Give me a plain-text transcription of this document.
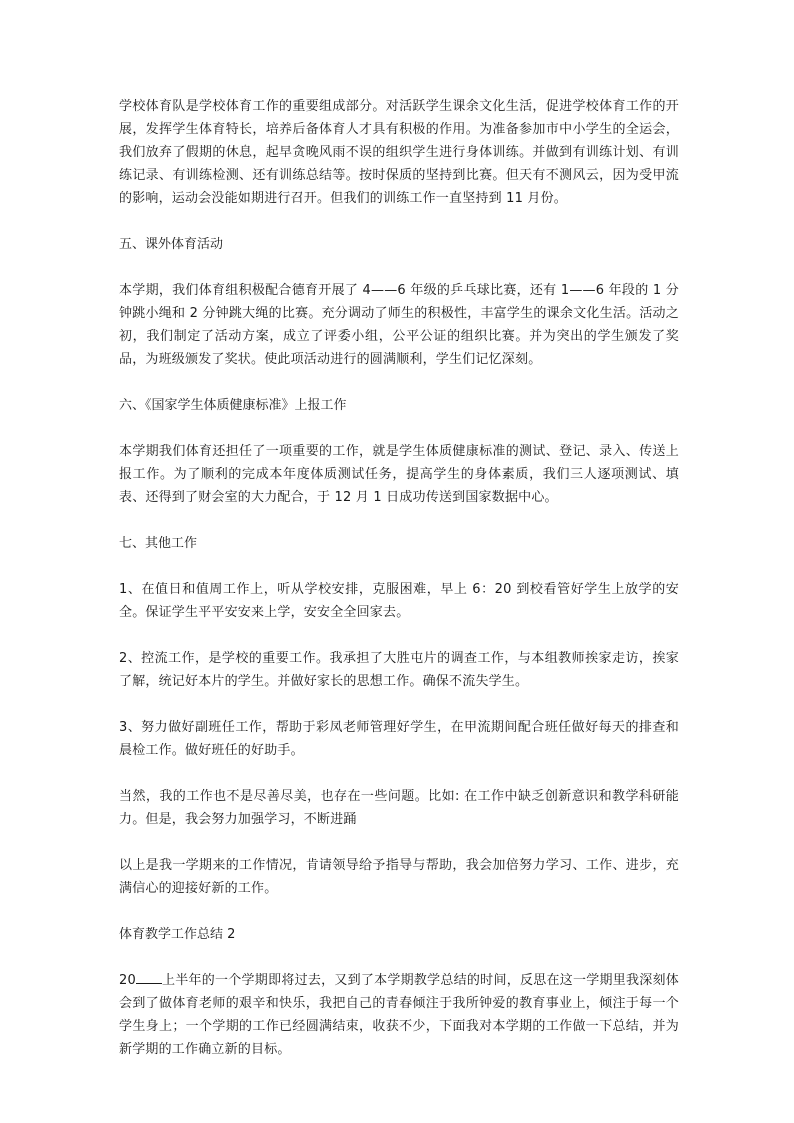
学校体育队是学校体育工作的重要组成部分。对活跃学生课余文化生活，促进学校体育工作的开展，发挥学生体育特长，培养后备体育人才具有积极的作用。为准备参加市中小学生的全运会，我们放弃了假期的休息，起早贪晚风雨不误的组织学生进行身体训练。并做到有训练计划、有训练记录、有训练检测、还有训练总结等。按时保质的坚持到比赛。但天有不测风云，因为受甲流的影响，运动会没能如期进行召开。但我们的训练工作一直坚持到 11 月份。

五、课外体育活动

本学期，我们体育组积极配合德育开展了 4——6 年级的乒乓球比赛，还有 1——6 年段的 1 分钟跳小绳和 2 分钟跳大绳的比赛。充分调动了师生的积极性，丰富学生的课余文化生活。活动之初，我们制定了活动方案，成立了评委小组，公平公证的组织比赛。并为突出的学生颁发了奖品，为班级颁发了奖状。使此项活动进行的圆满顺利，学生们记忆深刻。

六、《国家学生体质健康标准》上报工作

本学期我们体育还担任了一项重要的工作，就是学生体质健康标准的测试、登记、录入、传送上报工作。为了顺利的完成本年度体质测试任务，提高学生的身体素质，我们三人逐项测试、填表、还得到了财会室的大力配合，于 12 月 1 日成功传送到国家数据中心。

七、其他工作

1、在值日和值周工作上，听从学校安排，克服困难，早上 6：20 到校看管好学生上放学的安全。保证学生平平安安来上学，安安全全回家去。

2、控流工作，是学校的重要工作。我承担了大胜屯片的调查工作，与本组教师挨家走访，挨家了解，统记好本片的学生。并做好家长的思想工作。确保不流失学生。

3、努力做好副班任工作，帮助于彩凤老师管理好学生，在甲流期间配合班任做好每天的排查和晨检工作。做好班任的好助手。

当然，我的工作也不是尽善尽美，也存在一些问题。比如: 在工作中缺乏创新意识和教学科研能力。但是，我会努力加强学习，不断进踊

以上是我一学期来的工作情况，肯请领导给予指导与帮助，我会加倍努力学习、工作、进步，充满信心的迎接好新的工作。

体育教学工作总结 2

20 上半年的一个学期即将过去，又到了本学期教学总结的时间，反思在这一学期里我深刻体会到了做体育老师的艰辛和快乐，我把自己的青春倾注于我所钟爱的教育事业上，倾注于每一个学生身上；一个学期的工作已经圆满结束，收获不少，下面我对本学期的工作做一下总结，并为新学期的工作确立新的目标。
